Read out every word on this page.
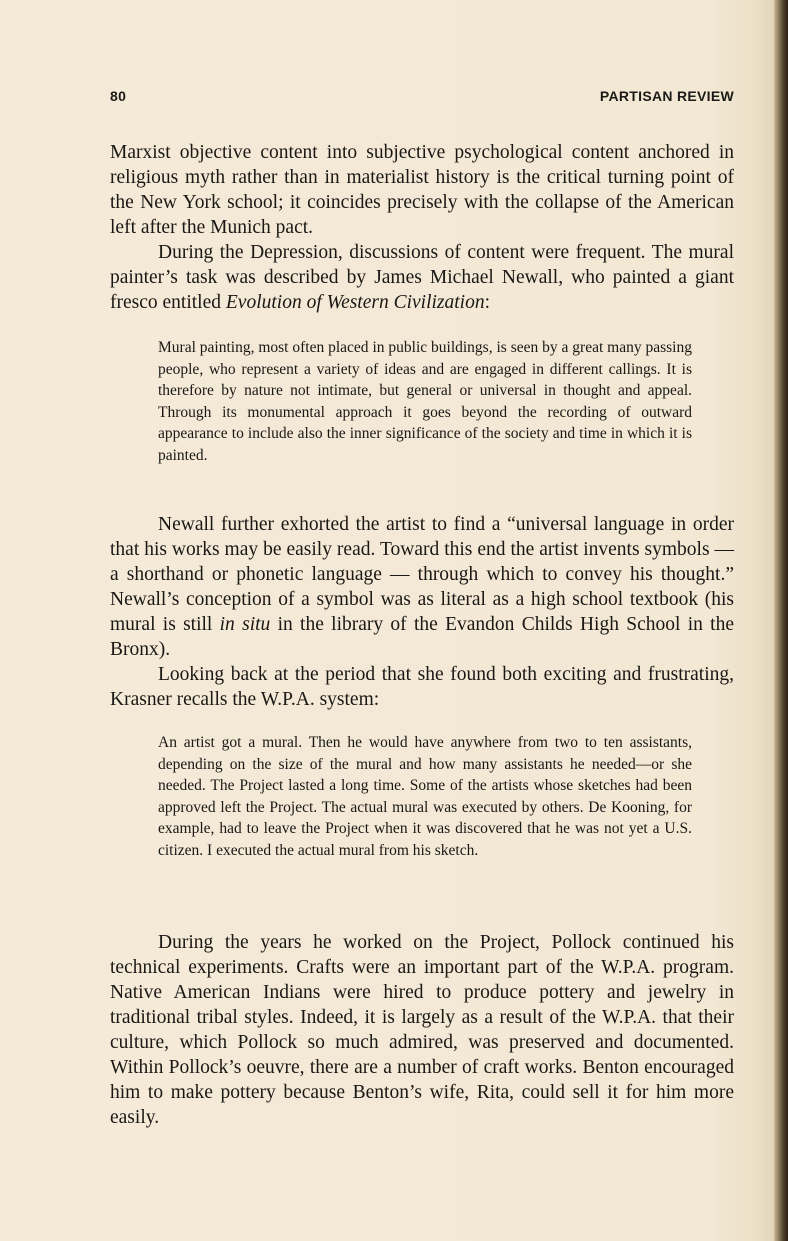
80	PARTISAN REVIEW

Marxist objective content into subjective psychological content anchored in religious myth rather than in materialist history is the critical turning point of the New York school; it coincides precisely with the collapse of the American left after the Munich pact.

During the Depression, discussions of content were frequent. The mural painter’s task was described by James Michael Newall, who painted a giant fresco entitled Evolution of Western Civilization:

Mural painting, most often placed in public buildings, is seen by a great many passing people, who represent a variety of ideas and are engaged in different callings. It is therefore by nature not intimate, but general or universal in thought and appeal. Through its monumental approach it goes beyond the recording of outward appearance to include also the inner significance of the society and time in which it is painted.

Newall further exhorted the artist to find a “universal language in order that his works may be easily read. Toward this end the artist invents symbols — a shorthand or phonetic language — through which to convey his thought.” Newall’s conception of a symbol was as literal as a high school textbook (his mural is still in situ in the library of the Evandon Childs High School in the Bronx).

Looking back at the period that she found both exciting and frustrating, Krasner recalls the W.P.A. system:

An artist got a mural. Then he would have anywhere from two to ten assistants, depending on the size of the mural and how many assistants he needed—or she needed. The Project lasted a long time. Some of the artists whose sketches had been approved left the Project. The actual mural was executed by others. De Kooning, for example, had to leave the Project when it was discovered that he was not yet a U.S. citizen. I executed the actual mural from his sketch.

During the years he worked on the Project, Pollock continued his technical experiments. Crafts were an important part of the W.P.A. program. Native American Indians were hired to produce pottery and jewelry in traditional tribal styles. Indeed, it is largely as a result of the W.P.A. that their culture, which Pollock so much admired, was preserved and documented. Within Pollock’s oeuvre, there are a number of craft works. Benton encouraged him to make pottery because Benton’s wife, Rita, could sell it for him more easily.
